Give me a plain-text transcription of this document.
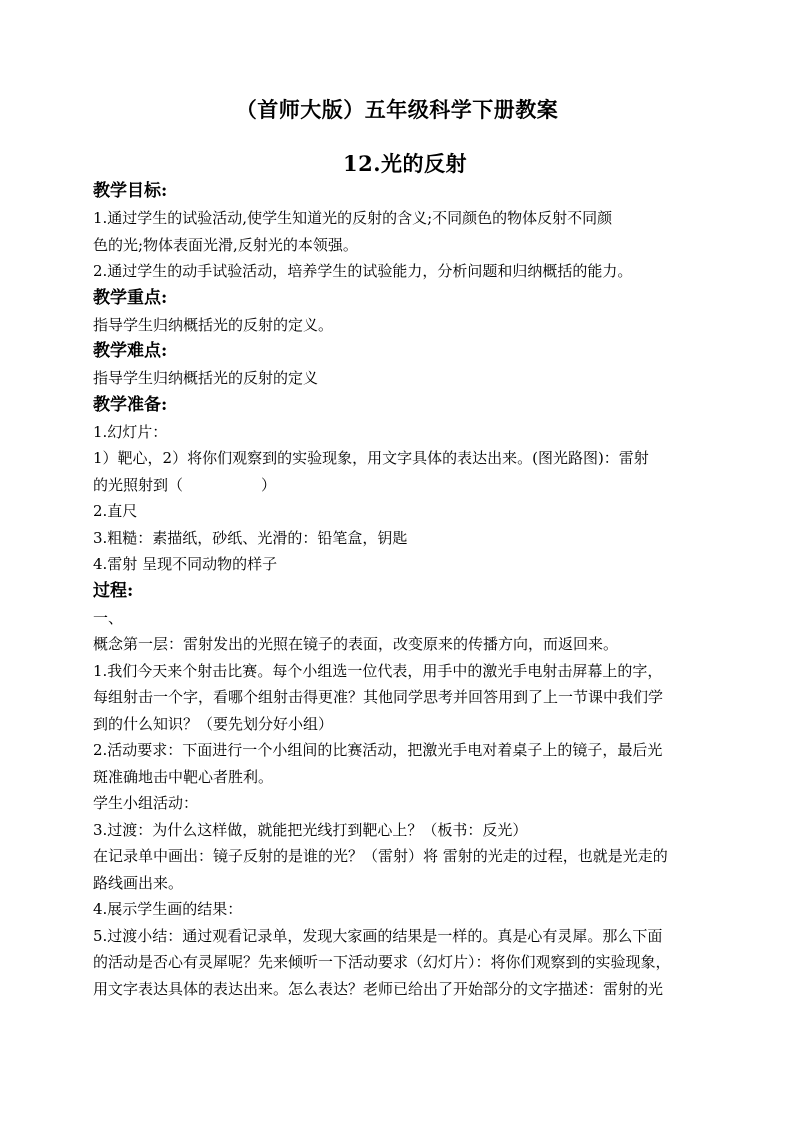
（首师大版）五年级科学下册教案
12.光的反射
教学目标:
1.通过学生的试验活动,使学生知道光的反射的含义;不同颜色的物体反射不同颜
色的光;物体表面光滑,反射光的本领强。
2.通过学生的动手试验活动，培养学生的试验能力，分析问题和归纳概括的能力。
教学重点:
指导学生归纳概括光的反射的定义。
教学难点:
指导学生归纳概括光的反射的定义
教学准备:
1.幻灯片：
1）靶心，2）将你们观察到的实验现象，用文字具体的表达出来。(图光路图)：雷射
的光照射到（	）
2.直尺
3.粗糙：素描纸，砂纸、光滑的：铅笔盒，钥匙
4.雷射 呈现不同动物的样子
过程:
一、
概念第一层：雷射发出的光照在镜子的表面，改变原来的传播方向，而返回来。
1.我们今天来个射击比赛。每个小组选一位代表，用手中的激光手电射击屏幕上的字，
每组射击一个字，看哪个组射击得更准？其他同学思考并回答用到了上一节课中我们学
到的什么知识？（要先划分好小组）
2.活动要求：下面进行一个小组间的比赛活动，把激光手电对着桌子上的镜子，最后光
斑准确地击中靶心者胜利。
学生小组活动：
3.过渡：为什么这样做，就能把光线打到靶心上？（板书：反光）
在记录单中画出：镜子反射的是谁的光？（雷射）将 雷射的光走的过程，也就是光走的
路线画出来。
4.展示学生画的结果：
5.过渡小结：通过观看记录单，发现大家画的结果是一样的。真是心有灵犀。那么下面
的活动是否心有灵犀呢？先来倾听一下活动要求（幻灯片）：将你们观察到的实验现象，
用文字表达具体的表达出来。怎么表达？老师已给出了开始部分的文字描述：雷射的光
